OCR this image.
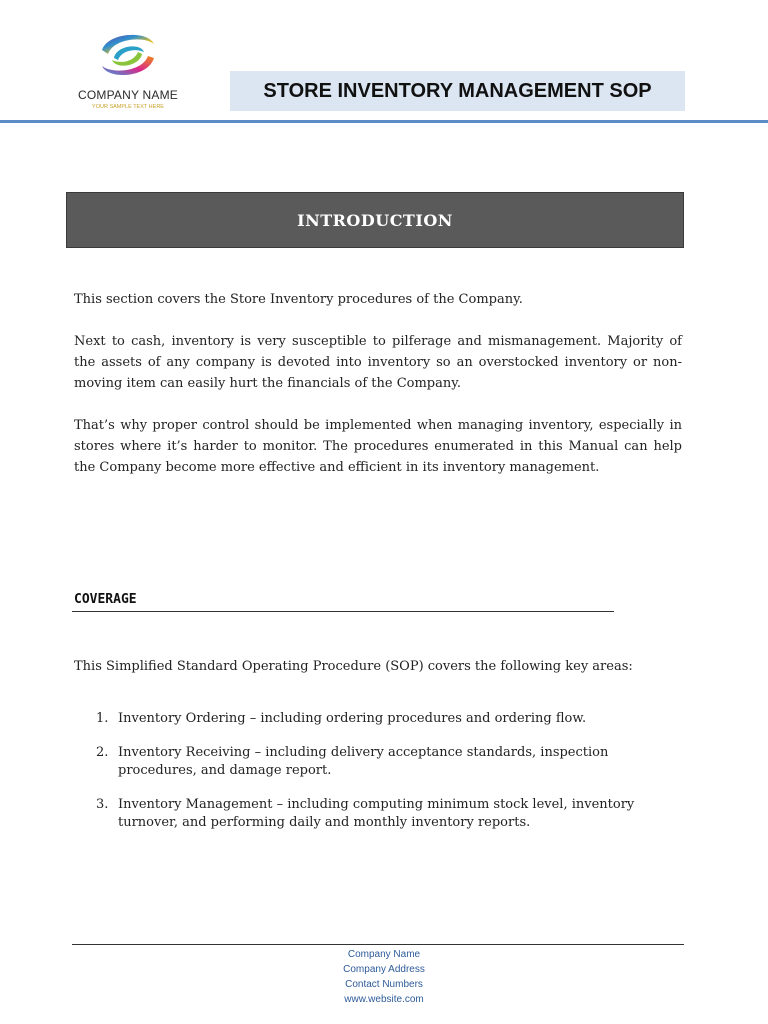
COMPANY NAME
YOUR SAMPLE TEXT HERE
STORE INVENTORY MANAGEMENT SOP
INTRODUCTION
This section covers the Store Inventory procedures of the Company.
Next to cash, inventory is very susceptible to pilferage and mismanagement. Majority of the assets of any company is devoted into inventory so an overstocked inventory or non-moving item can easily hurt the financials of the Company.
That’s why proper control should be implemented when managing inventory, especially in stores where it’s harder to monitor. The procedures enumerated in this Manual can help the Company become more effective and efficient in its inventory management.
COVERAGE
This Simplified Standard Operating Procedure (SOP) covers the following key areas:
1. Inventory Ordering – including ordering procedures and ordering flow.
2. Inventory Receiving – including delivery acceptance standards, inspection procedures, and damage report.
3. Inventory Management – including computing minimum stock level, inventory turnover, and performing daily and monthly inventory reports.
Company Name
Company Address
Contact Numbers
www.website.com
